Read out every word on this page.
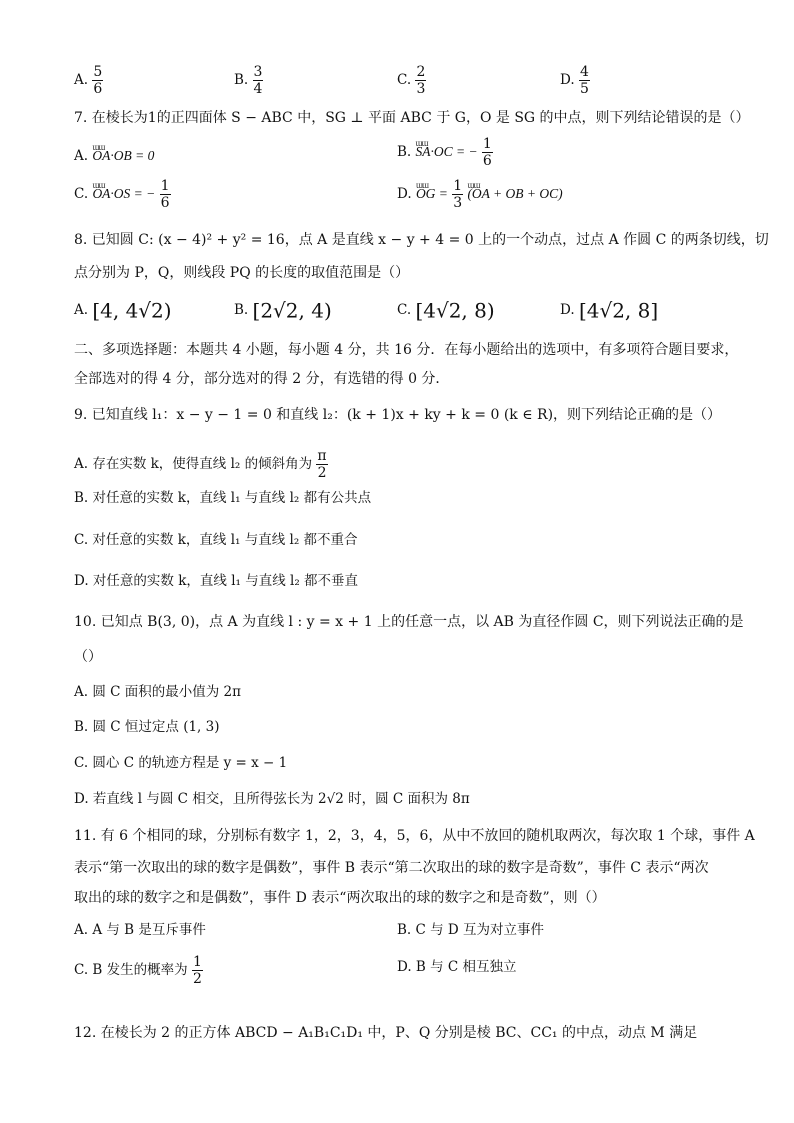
A. $\frac{5}{6}$	B. $\frac{3}{4}$	C. $\frac{2}{3}$	D. $\frac{4}{5}$
7. 在棱长为1的正四面体 S − ABC 中，SG ⊥ 平面 ABC 于 G，O 是 SG 的中点，则下列结论错误的是（）
A. ɯɯ OA·OB = 0	B. ɯɯ SA·OC = − $\frac{1}{6}$
C. ɯɯ OA·OS = − $\frac{1}{6}$	D. ɯɯ OG = $\frac{1}{3}$ ɯɯ (OA + OB + OC)
8. 已知圆 C: (x − 4)² + y² = 16，点 A 是直线 x − y + 4 = 0 上的一个动点，过点 A 作圆 C 的两条切线，切
点分别为 P，Q，则线段 PQ 的长度的取值范围是（）
A. [4, 4√2)	B. [2√2, 4)	C. [4√2, 8)	D. [4√2, 8]
二、多项选择题：本题共 4 小题，每小题 4 分，共 16 分．在每小题给出的选项中，有多项符合题目要求，
全部选对的得 4 分，部分选对的得 2 分，有选错的得 0 分．
9. 已知直线 l₁：x − y − 1 = 0 和直线 l₂：(k + 1)x + ky + k = 0 (k ∈ R)，则下列结论正确的是（）
A. 存在实数 k，使得直线 l₂ 的倾斜角为 $\frac{\pi}{2}$
B. 对任意的实数 k，直线 l₁ 与直线 l₂ 都有公共点
C. 对任意的实数 k，直线 l₁ 与直线 l₂ 都不重合
D. 对任意的实数 k，直线 l₁ 与直线 l₂ 都不垂直
10. 已知点 B(3, 0)，点 A 为直线 l : y = x + 1 上的任意一点，以 AB 为直径作圆 C，则下列说法正确的是
（）
A. 圆 C 面积的最小值为 2π
B. 圆 C 恒过定点 (1, 3)
C. 圆心 C 的轨迹方程是 y = x − 1
D. 若直线 l 与圆 C 相交，且所得弦长为 2√2 时，圆 C 面积为 8π
11. 有 6 个相同的球，分别标有数字 1，2，3，4，5，6，从中不放回的随机取两次，每次取 1 个球，事件 A
表示“第一次取出的球的数字是偶数”，事件 B 表示“第二次取出的球的数字是奇数”，事件 C 表示“两次
取出的球的数字之和是偶数”，事件 D 表示“两次取出的球的数字之和是奇数”，则（）
A. A 与 B 是互斥事件	B. C 与 D 互为对立事件
C. B 发生的概率为 $\frac{1}{2}$	D. B 与 C 相互独立
12. 在棱长为 2 的正方体 ABCD − A₁B₁C₁D₁ 中，P、Q 分别是棱 BC、CC₁ 的中点，动点 M 满足
